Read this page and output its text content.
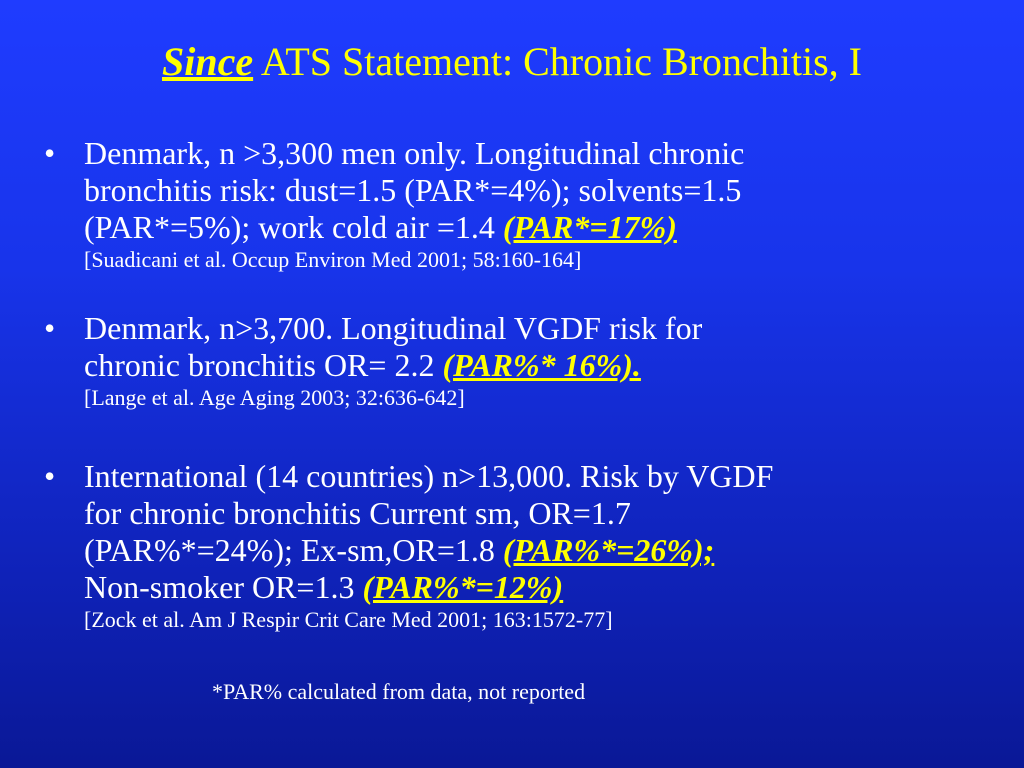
Since ATS Statement: Chronic Bronchitis, I
• Denmark, n >3,300 men only. Longitudinal chronic
bronchitis risk: dust=1.5 (PAR*=4%); solvents=1.5
(PAR*=5%); work cold air =1.4 (PAR*=17%)
[Suadicani et al. Occup Environ Med 2001; 58:160-164]
• Denmark, n>3,700. Longitudinal VGDF risk for
chronic bronchitis OR= 2.2 (PAR%* 16%).
[Lange et al. Age Aging 2003; 32:636-642]
• International (14 countries) n>13,000. Risk by VGDF
for chronic bronchitis Current sm, OR=1.7
(PAR%*=24%); Ex-sm,OR=1.8 (PAR%*=26%);
Non-smoker OR=1.3 (PAR%*=12%)
[Zock et al. Am J Respir Crit Care Med 2001; 163:1572-77]
*PAR% calculated from data, not reported
